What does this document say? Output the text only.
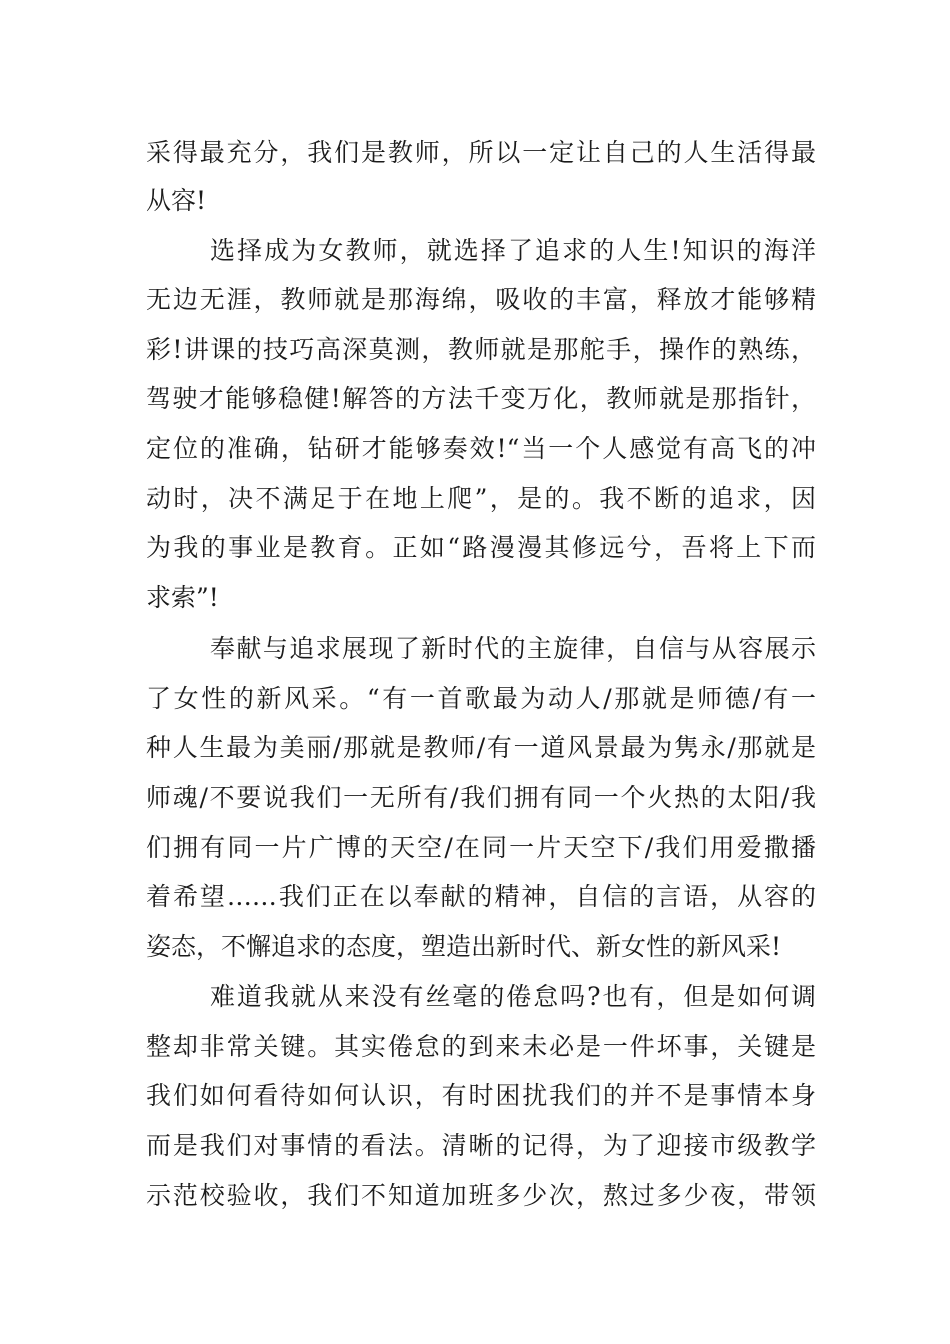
采得最充分，我们是教师，所以一定让自己的人生活得最
从容!
选择成为女教师，就选择了追求的人生!知识的海洋
无边无涯，教师就是那海绵，吸收的丰富，释放才能够精
彩!讲课的技巧高深莫测，教师就是那舵手，操作的熟练，
驾驶才能够稳健!解答的方法千变万化，教师就是那指针，
定位的准确，钻研才能够奏效!“当一个人感觉有高飞的冲
动时，决不满足于在地上爬”，是的。我不断的追求，因
为我的事业是教育。正如“路漫漫其修远兮，吾将上下而
求索”!
奉献与追求展现了新时代的主旋律，自信与从容展示
了女性的新风采。“有一首歌最为动人/那就是师德/有一
种人生最为美丽/那就是教师/有一道风景最为隽永/那就是
师魂/不要说我们一无所有/我们拥有同一个火热的太阳/我
们拥有同一片广博的天空/在同一片天空下/我们用爱撒播
着希望……我们正在以奉献的精神，自信的言语，从容的
姿态，不懈追求的态度，塑造出新时代、新女性的新风采!
难道我就从来没有丝毫的倦怠吗?也有，但是如何调
整却非常关键。其实倦怠的到来未必是一件坏事，关键是
我们如何看待如何认识，有时困扰我们的并不是事情本身
而是我们对事情的看法。清晰的记得，为了迎接市级教学
示范校验收，我们不知道加班多少次，熬过多少夜，带领
